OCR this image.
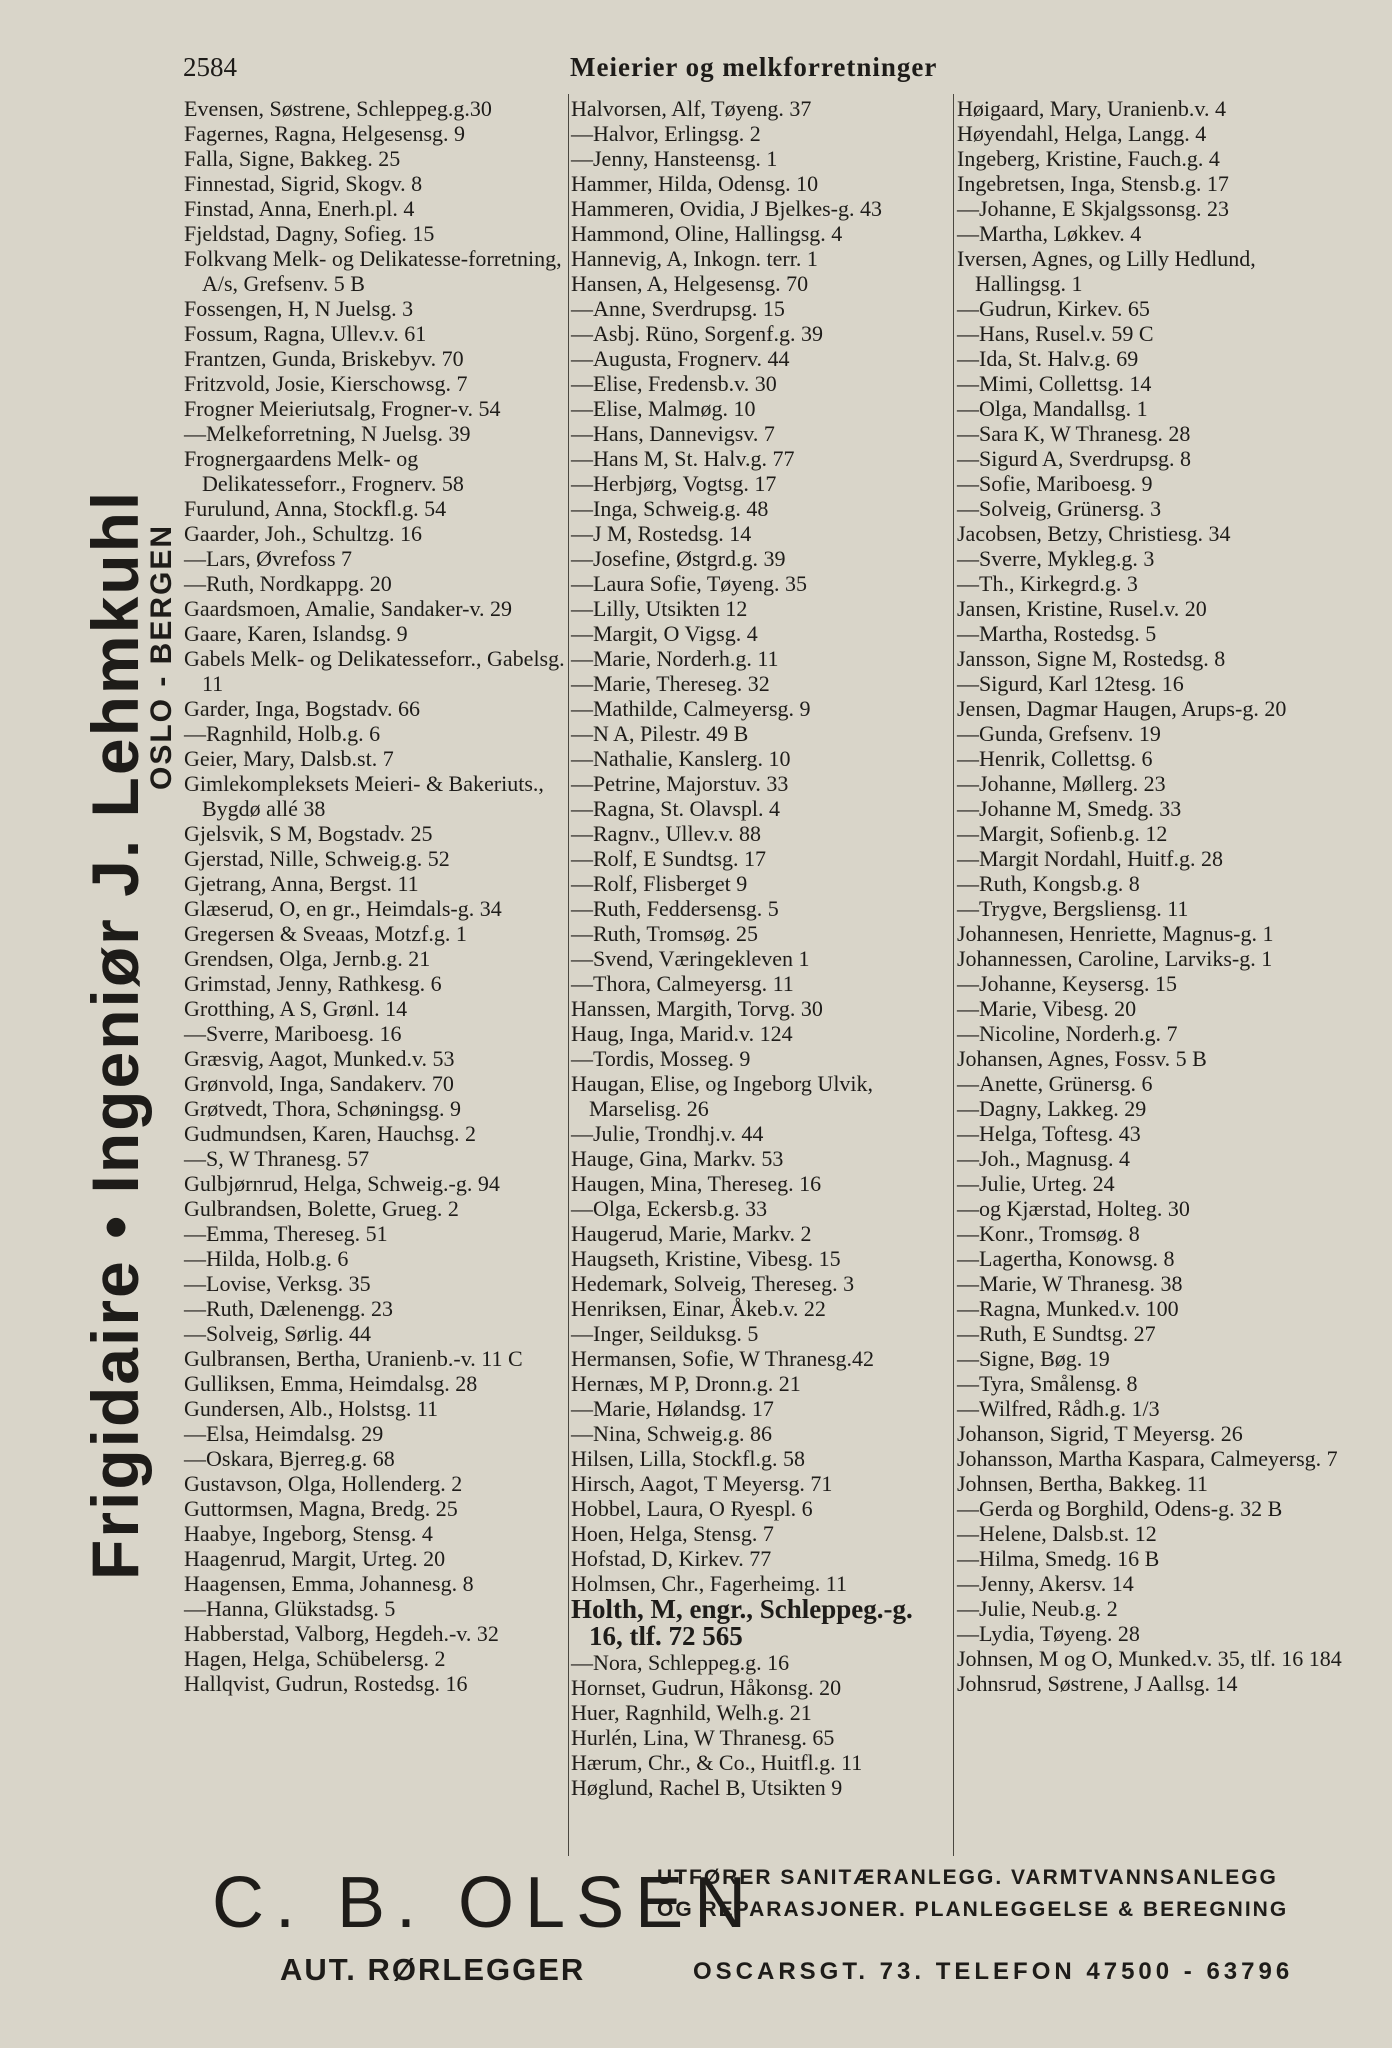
2584	Meierier og melkforretninger
Frigidaire • Ingeniør J. Lehmkuhl
OSLO - BERGEN
Evensen, Søstrene, Schleppeg.g.30
Fagernes, Ragna, Helgesensg. 9
Falla, Signe, Bakkeg. 25
Finnestad, Sigrid, Skogv. 8
Finstad, Anna, Enerh.pl. 4
Fjeldstad, Dagny, Sofieg. 15
Folkvang Melk- og Delikatesse-forretning, A/s, Grefsenv. 5 B
Fossengen, H, N Juelsg. 3
Fossum, Ragna, Ullev.v. 61
Frantzen, Gunda, Briskebyv. 70
Fritzvold, Josie, Kierschowsg. 7
Frogner Meieriutsalg, Frogner-v. 54
—Melkeforretning, N Juelsg. 39
Frognergaardens Melk- og Delikatesseforr., Frognerv. 58
Furulund, Anna, Stockfl.g. 54
Gaarder, Joh., Schultzg. 16
—Lars, Øvrefoss 7
—Ruth, Nordkappg. 20
Gaardsmoen, Amalie, Sandaker-v. 29
Gaare, Karen, Islandsg. 9
Gabels Melk- og Delikatesseforr., Gabelsg. 11
Garder, Inga, Bogstadv. 66
—Ragnhild, Holb.g. 6
Geier, Mary, Dalsb.st. 7
Gimlekompleksets Meieri- & Bakeriuts., Bygdø allé 38
Gjelsvik, S M, Bogstadv. 25
Gjerstad, Nille, Schweig.g. 52
Gjetrang, Anna, Bergst. 11
Glæserud, O, en gr., Heimdals-g. 34
Gregersen & Sveaas, Motzf.g. 1
Grendsen, Olga, Jernb.g. 21
Grimstad, Jenny, Rathkesg. 6
Grotthing, A S, Grønl. 14
—Sverre, Mariboesg. 16
Græsvig, Aagot, Munked.v. 53
Grønvold, Inga, Sandakerv. 70
Grøtvedt, Thora, Schøningsg. 9
Gudmundsen, Karen, Hauchsg. 2
—S, W Thranesg. 57
Gulbjørnrud, Helga, Schweig.-g. 94
Gulbrandsen, Bolette, Grueg. 2
—Emma, Thereseg. 51
—Hilda, Holb.g. 6
—Lovise, Verksg. 35
—Ruth, Dælenengg. 23
—Solveig, Sørlig. 44
Gulbransen, Bertha, Uranienb.-v. 11 C
Gulliksen, Emma, Heimdalsg. 28
Gundersen, Alb., Holstsg. 11
—Elsa, Heimdalsg. 29
—Oskara, Bjerreg.g. 68
Gustavson, Olga, Hollenderg. 2
Guttormsen, Magna, Bredg. 25
Haabye, Ingeborg, Stensg. 4
Haagenrud, Margit, Urteg. 20
Haagensen, Emma, Johannesg. 8
—Hanna, Glükstadsg. 5
Habberstad, Valborg, Hegdeh.-v. 32
Hagen, Helga, Schübelersg. 2
Hallqvist, Gudrun, Rostedsg. 16
Halvorsen, Alf, Tøyeng. 37
—Halvor, Erlingsg. 2
—Jenny, Hansteensg. 1
Hammer, Hilda, Odensg. 10
Hammeren, Ovidia, J Bjelkes-g. 43
Hammond, Oline, Hallingsg. 4
Hannevig, A, Inkogn. terr. 1
Hansen, A, Helgesensg. 70
—Anne, Sverdrupsg. 15
—Asbj. Rüno, Sorgenf.g. 39
—Augusta, Frognerv. 44
—Elise, Fredensb.v. 30
—Elise, Malmøg. 10
—Hans, Dannevigsv. 7
—Hans M, St. Halv.g. 77
—Herbjørg, Vogtsg. 17
—Inga, Schweig.g. 48
—J M, Rostedsg. 14
—Josefine, Østgrd.g. 39
—Laura Sofie, Tøyeng. 35
—Lilly, Utsikten 12
—Margit, O Vigsg. 4
—Marie, Norderh.g. 11
—Marie, Thereseg. 32
—Mathilde, Calmeyersg. 9
—N A, Pilestr. 49 B
—Nathalie, Kanslerg. 10
—Petrine, Majorstuv. 33
—Ragna, St. Olavspl. 4
—Ragnv., Ullev.v. 88
—Rolf, E Sundtsg. 17
—Rolf, Flisberget 9
—Ruth, Feddersensg. 5
—Ruth, Tromsøg. 25
—Svend, Væringekleven 1
—Thora, Calmeyersg. 11
Hanssen, Margith, Torvg. 30
Haug, Inga, Marid.v. 124
—Tordis, Mosseg. 9
Haugan, Elise, og Ingeborg Ulvik, Marselisg. 26
—Julie, Trondhj.v. 44
Hauge, Gina, Markv. 53
Haugen, Mina, Thereseg. 16
—Olga, Eckersb.g. 33
Haugerud, Marie, Markv. 2
Haugseth, Kristine, Vibesg. 15
Hedemark, Solveig, Thereseg. 3
Henriksen, Einar, Åkeb.v. 22
—Inger, Seilduksg. 5
Hermansen, Sofie, W Thranesg.42
Hernæs, M P, Dronn.g. 21
—Marie, Hølandsg. 17
—Nina, Schweig.g. 86
Hilsen, Lilla, Stockfl.g. 58
Hirsch, Aagot, T Meyersg. 71
Hobbel, Laura, O Ryespl. 6
Hoen, Helga, Stensg. 7
Hofstad, D, Kirkev. 77
Holmsen, Chr., Fagerheimg. 11
Holth, M, engr., Schleppeg.-g. 16, tlf. 72 565
—Nora, Schleppeg.g. 16
Hornset, Gudrun, Håkonsg. 20
Huer, Ragnhild, Welh.g. 21
Hurlén, Lina, W Thranesg. 65
Hærum, Chr., & Co., Huitfl.g. 11
Høglund, Rachel B, Utsikten 9
Høigaard, Mary, Uranienb.v. 4
Høyendahl, Helga, Langg. 4
Ingeberg, Kristine, Fauch.g. 4
Ingebretsen, Inga, Stensb.g. 17
—Johanne, E Skjalgssonsg. 23
—Martha, Løkkev. 4
Iversen, Agnes, og Lilly Hedlund, Hallingsg. 1
—Gudrun, Kirkev. 65
—Hans, Rusel.v. 59 C
—Ida, St. Halv.g. 69
—Mimi, Collettsg. 14
—Olga, Mandallsg. 1
—Sara K, W Thranesg. 28
—Sigurd A, Sverdrupsg. 8
—Sofie, Mariboesg. 9
—Solveig, Grünersg. 3
Jacobsen, Betzy, Christiesg. 34
—Sverre, Mykleg.g. 3
—Th., Kirkegrd.g. 3
Jansen, Kristine, Rusel.v. 20
—Martha, Rostedsg. 5
Jansson, Signe M, Rostedsg. 8
—Sigurd, Karl 12tesg. 16
Jensen, Dagmar Haugen, Arups-g. 20
—Gunda, Grefsenv. 19
—Henrik, Collettsg. 6
—Johanne, Møllerg. 23
—Johanne M, Smedg. 33
—Margit, Sofienb.g. 12
—Margit Nordahl, Huitf.g. 28
—Ruth, Kongsb.g. 8
—Trygve, Bergsliensg. 11
Johannesen, Henriette, Magnus-g. 1
Johannessen, Caroline, Larviks-g. 1
—Johanne, Keysersg. 15
—Marie, Vibesg. 20
—Nicoline, Norderh.g. 7
Johansen, Agnes, Fossv. 5 B
—Anette, Grünersg. 6
—Dagny, Lakkeg. 29
—Helga, Toftesg. 43
—Joh., Magnusg. 4
—Julie, Urteg. 24
—og Kjærstad, Holteg. 30
—Konr., Tromsøg. 8
—Lagertha, Konowsg. 8
—Marie, W Thranesg. 38
—Ragna, Munked.v. 100
—Ruth, E Sundtsg. 27
—Signe, Bøg. 19
—Tyra, Smålensg. 8
—Wilfred, Rådh.g. 1/3
Johanson, Sigrid, T Meyersg. 26
Johansson, Martha Kaspara, Calmeyersg. 7
Johnsen, Bertha, Bakkeg. 11
—Gerda og Borghild, Odens-g. 32 B
—Helene, Dalsb.st. 12
—Hilma, Smedg. 16 B
—Jenny, Akersv. 14
—Julie, Neub.g. 2
—Lydia, Tøyeng. 28
Johnsen, M og O, Munked.v. 35, tlf. 16 184
Johnsrud, Søstrene, J Aallsg. 14
C. B. OLSEN
AUT. RØRLEGGER
UTFØRER SANITÆRANLEGG. VARMTVANNSANLEGG
OG REPARASJONER. PLANLEGGELSE & BEREGNING
OSCARSGT. 73. TELEFON 47500 - 63796
